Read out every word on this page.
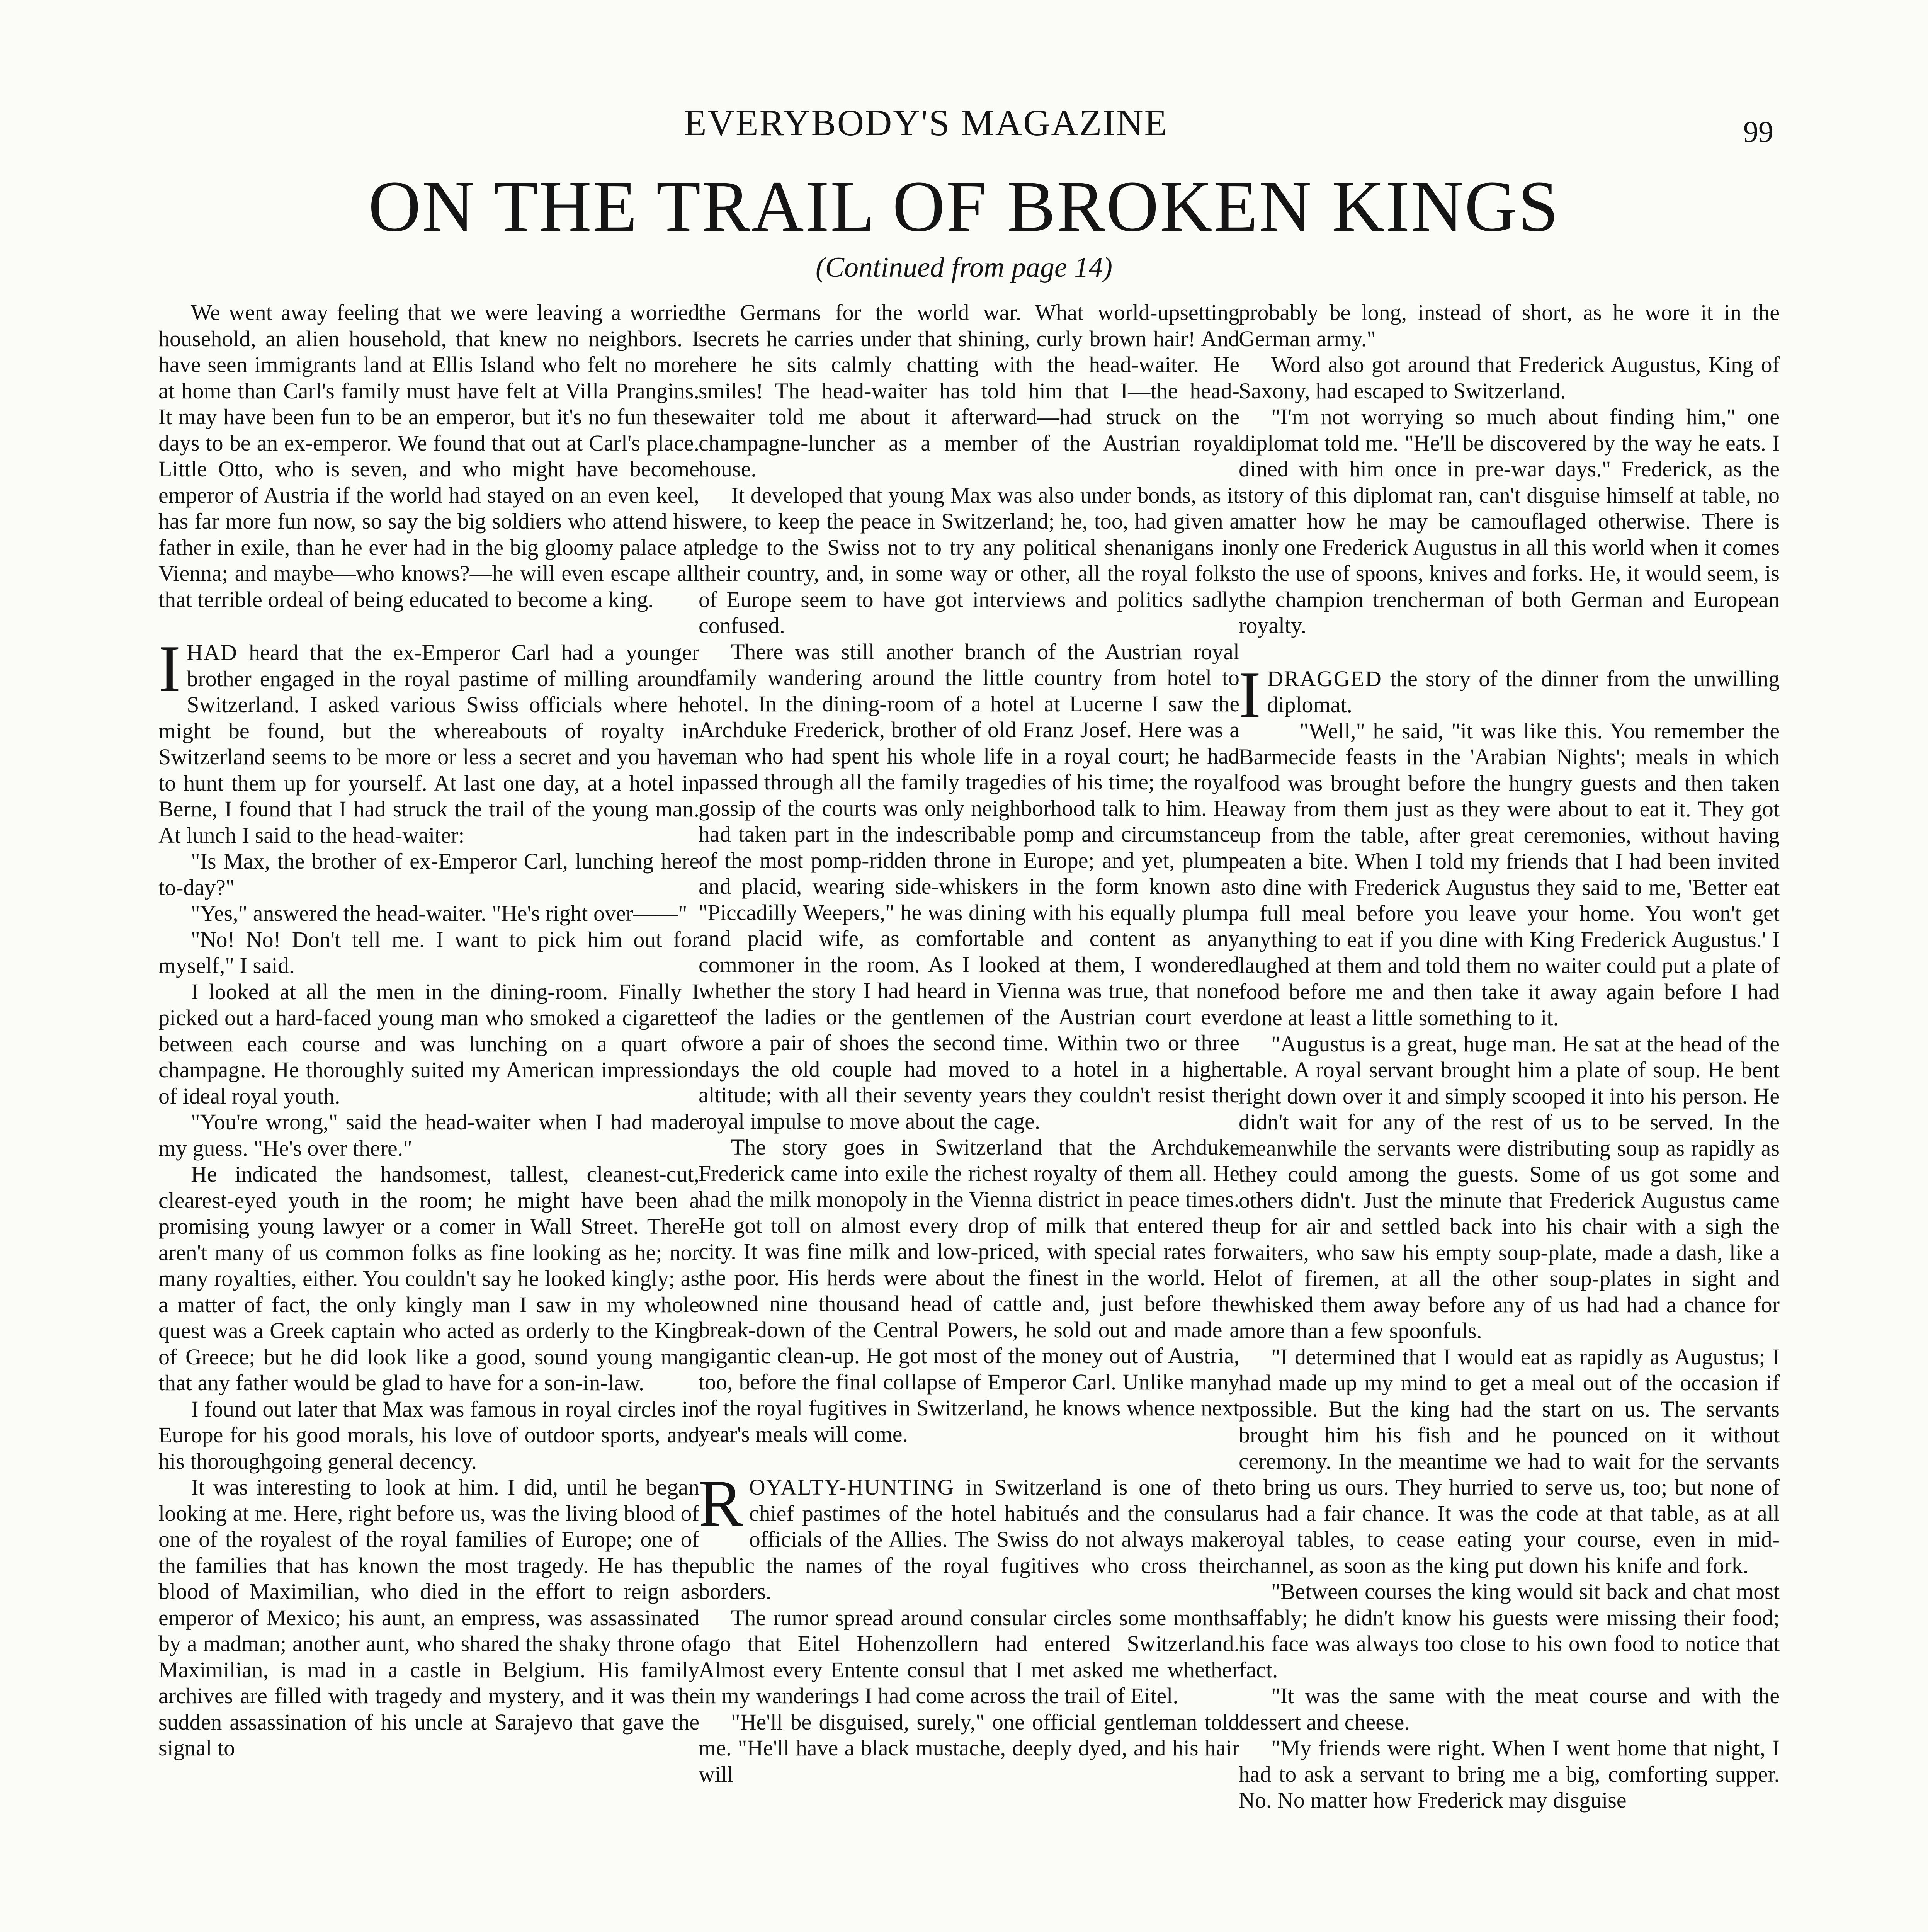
EVERYBODY'S MAGAZINE	99
ON THE TRAIL OF BROKEN KINGS
(Continued from page 14)

We went away feeling that we were leaving a worried household, an alien household, that knew no neighbors. I have seen immigrants land at Ellis Island who felt no more at home than Carl's family must have felt at Villa Prangins. It may have been fun to be an emperor, but it's no fun these days to be an ex-emperor. We found that out at Carl's place. Little Otto, who is seven, and who might have become emperor of Austria if the world had stayed on an even keel, has far more fun now, so say the big soldiers who attend his father in exile, than he ever had in the big gloomy palace at Vienna; and maybe—who knows?—he will even escape all that terrible ordeal of being educated to become a king.

I HAD heard that the ex-Emperor Carl had a younger brother engaged in the royal pastime of milling around Switzerland. I asked various Swiss officials where he might be found, but the whereabouts of royalty in Switzerland seems to be more or less a secret and you have to hunt them up for yourself. At last one day, at a hotel in Berne, I found that I had struck the trail of the young man. At lunch I said to the head-waiter:

"Is Max, the brother of ex-Emperor Carl, lunching here to-day?"

"Yes," answered the head-waiter. "He's right over——"

"No! No! Don't tell me. I want to pick him out for myself," I said.

I looked at all the men in the dining-room. Finally I picked out a hard-faced young man who smoked a cigarette between each course and was lunching on a quart of champagne. He thoroughly suited my American impression of ideal royal youth.

"You're wrong," said the head-waiter when I had made my guess. "He's over there."

He indicated the handsomest, tallest, cleanest-cut, clearest-eyed youth in the room; he might have been a promising young lawyer or a comer in Wall Street. There aren't many of us common folks as fine looking as he; nor many royalties, either. You couldn't say he looked kingly; as a matter of fact, the only kingly man I saw in my whole quest was a Greek captain who acted as orderly to the King of Greece; but he did look like a good, sound young man that any father would be glad to have for a son-in-law.

I found out later that Max was famous in royal circles in Europe for his good morals, his love of outdoor sports, and his thoroughgoing general decency.

It was interesting to look at him. I did, until he began looking at me. Here, right before us, was the living blood of one of the royalest of the royal families of Europe; one of the families that has known the most tragedy. He has the blood of Maximilian, who died in the effort to reign as emperor of Mexico; his aunt, an empress, was assassinated by a madman; another aunt, who shared the shaky throne of Maximilian, is mad in a castle in Belgium. His family archives are filled with tragedy and mystery, and it was the sudden assassination of his uncle at Sarajevo that gave the signal to

the Germans for the world war. What world-upsetting secrets he carries under that shining, curly brown hair! And here he sits calmly chatting with the head-waiter. He smiles! The head-waiter has told him that I—the head-waiter told me about it afterward—had struck on the champagne-luncher as a member of the Austrian royal house.

It developed that young Max was also under bonds, as it were, to keep the peace in Switzerland; he, too, had given a pledge to the Swiss not to try any political shenanigans in their country, and, in some way or other, all the royal folks of Europe seem to have got interviews and politics sadly confused.

There was still another branch of the Austrian royal family wandering around the little country from hotel to hotel. In the dining-room of a hotel at Lucerne I saw the Archduke Frederick, brother of old Franz Josef. Here was a man who had spent his whole life in a royal court; he had passed through all the family tragedies of his time; the royal gossip of the courts was only neighborhood talk to him. He had taken part in the indescribable pomp and circumstance of the most pomp-ridden throne in Europe; and yet, plump and placid, wearing side-whiskers in the form known as "Piccadilly Weepers," he was dining with his equally plump and placid wife, as comfortable and content as any commoner in the room. As I looked at them, I wondered whether the story I had heard in Vienna was true, that none of the ladies or the gentlemen of the Austrian court ever wore a pair of shoes the second time. Within two or three days the old couple had moved to a hotel in a higher altitude; with all their seventy years they couldn't resist the royal impulse to move about the cage.

The story goes in Switzerland that the Archduke Frederick came into exile the richest royalty of them all. He had the milk monopoly in the Vienna district in peace times. He got toll on almost every drop of milk that entered the city. It was fine milk and low-priced, with special rates for the poor. His herds were about the finest in the world. He owned nine thousand head of cattle and, just before the break-down of the Central Powers, he sold out and made a gigantic clean-up. He got most of the money out of Austria, too, before the final collapse of Emperor Carl. Unlike many of the royal fugitives in Switzerland, he knows whence next year's meals will come.

ROYALTY-HUNTING in Switzerland is one of the chief pastimes of the hotel habitués and the consular officials of the Allies. The Swiss do not always make public the names of the royal fugitives who cross their borders.

The rumor spread around consular circles some months ago that Eitel Hohenzollern had entered Switzerland. Almost every Entente consul that I met asked me whether in my wanderings I had come across the trail of Eitel.

"He'll be disguised, surely," one official gentleman told me. "He'll have a black mustache, deeply dyed, and his hair will

probably be long, instead of short, as he wore it in the German army."

Word also got around that Frederick Augustus, King of Saxony, had escaped to Switzerland.

"I'm not worrying so much about finding him," one diplomat told me. "He'll be discovered by the way he eats. I dined with him once in pre-war days." Frederick, as the story of this diplomat ran, can't disguise himself at table, no matter how he may be camouflaged otherwise. There is only one Frederick Augustus in all this world when it comes to the use of spoons, knives and forks. He, it would seem, is the champion trencherman of both German and European royalty.

I DRAGGED the story of the dinner from the unwilling diplomat.

"Well," he said, "it was like this. You remember the Barmecide feasts in the 'Arabian Nights'; meals in which food was brought before the hungry guests and then taken away from them just as they were about to eat it. They got up from the table, after great ceremonies, without having eaten a bite. When I told my friends that I had been invited to dine with Frederick Augustus they said to me, 'Better eat a full meal before you leave your home. You won't get anything to eat if you dine with King Frederick Augustus.' I laughed at them and told them no waiter could put a plate of food before me and then take it away again before I had done at least a little something to it.

"Augustus is a great, huge man. He sat at the head of the table. A royal servant brought him a plate of soup. He bent right down over it and simply scooped it into his person. He didn't wait for any of the rest of us to be served. In the meanwhile the servants were distributing soup as rapidly as they could among the guests. Some of us got some and others didn't. Just the minute that Frederick Augustus came up for air and settled back into his chair with a sigh the waiters, who saw his empty soup-plate, made a dash, like a lot of firemen, at all the other soup-plates in sight and whisked them away before any of us had had a chance for more than a few spoonfuls.

"I determined that I would eat as rapidly as Augustus; I had made up my mind to get a meal out of the occasion if possible. But the king had the start on us. The servants brought him his fish and he pounced on it without ceremony. In the meantime we had to wait for the servants to bring us ours. They hurried to serve us, too; but none of us had a fair chance. It was the code at that table, as at all royal tables, to cease eating your course, even in mid-channel, as soon as the king put down his knife and fork.

"Between courses the king would sit back and chat most affably; he didn't know his guests were missing their food; his face was always too close to his own food to notice that fact.

"It was the same with the meat course and with the dessert and cheese.

"My friends were right. When I went home that night, I had to ask a servant to bring me a big, comforting supper. No. No matter how Frederick may disguise
